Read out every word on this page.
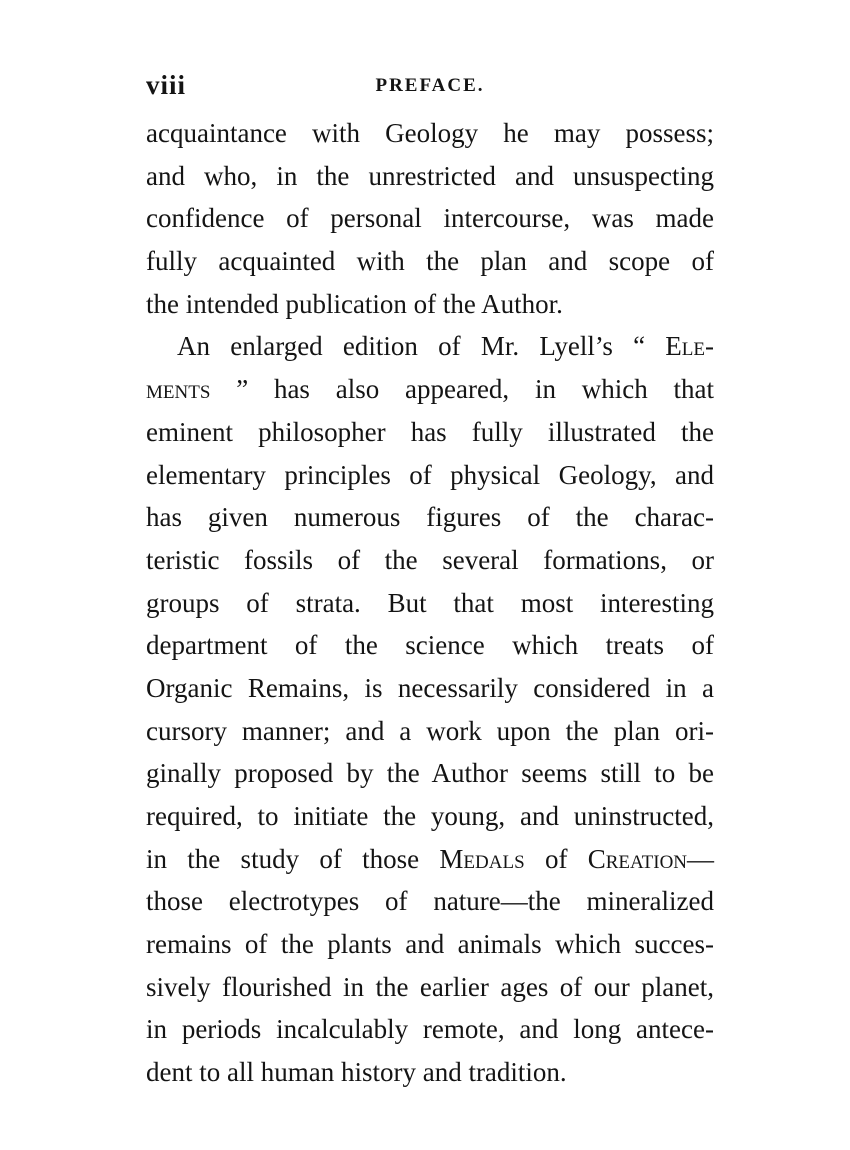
viii	PREFACE.
acquaintance with Geology he may possess;
and who, in the unrestricted and unsuspecting
confidence of personal intercourse, was made
fully acquainted with the plan and scope of
the intended publication of the Author.
An enlarged edition of Mr. Lyell’s “ Ele-
ments ” has also appeared, in which that
eminent philosopher has fully illustrated the
elementary principles of physical Geology, and
has given numerous figures of the charac-
teristic fossils of the several formations, or
groups of strata. But that most interesting
department of the science which treats of
Organic Remains, is necessarily considered in a
cursory manner; and a work upon the plan ori-
ginally proposed by the Author seems still to be
required, to initiate the young, and uninstructed,
in the study of those Medals of Creation—
those electrotypes of nature—the mineralized
remains of the plants and animals which succes-
sively flourished in the earlier ages of our planet,
in periods incalculably remote, and long antece-
dent to all human history and tradition.
